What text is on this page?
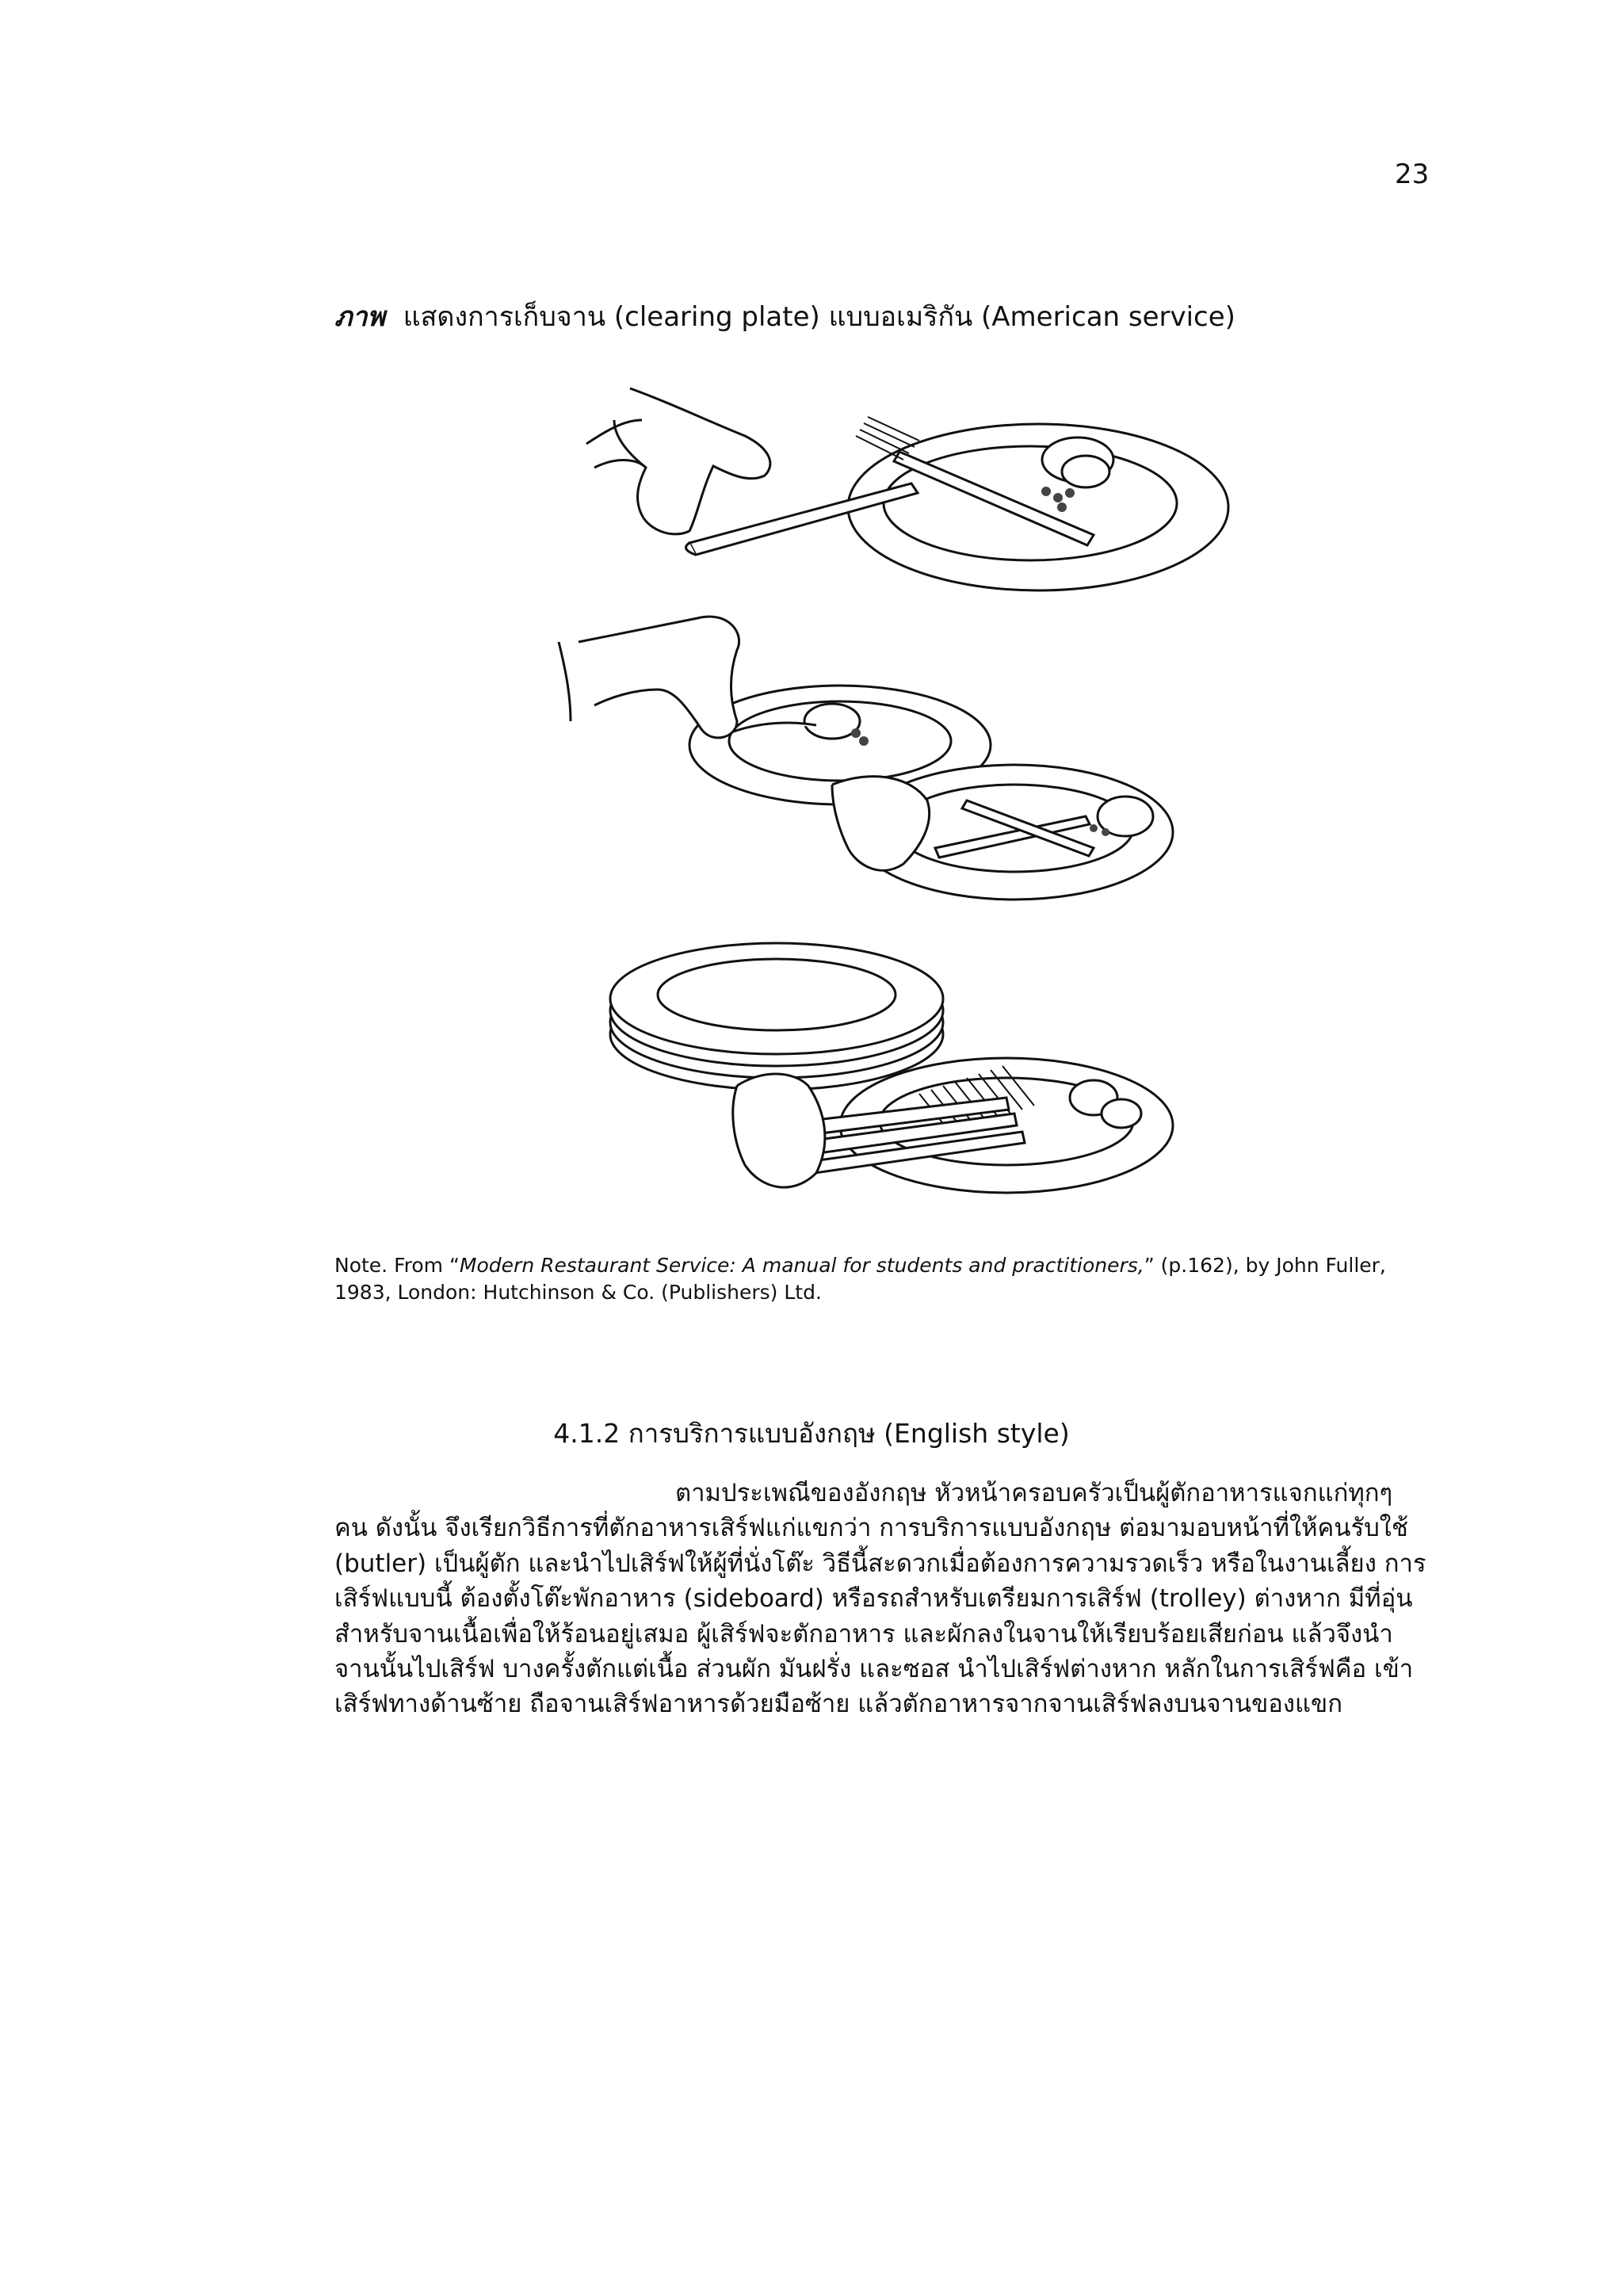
23
ภาพ แสดงการเก็บจาน (clearing plate) แบบอเมริกัน (American service)
Note. From “Modern Restaurant Service: A manual for students and practitioners,” (p.162), by John Fuller, 1983, London: Hutchinson & Co. (Publishers) Ltd.
4.1.2 การบริการแบบอังกฤษ (English style)
ตามประเพณีของอังกฤษ หัวหน้าครอบครัวเป็นผู้ตักอาหารแจกแก่ทุกๆ คน ดังนั้น จึงเรียกวิธีการที่ตักอาหารเสิร์ฟแก่แขกว่า การบริการแบบอังกฤษ ต่อมามอบหน้าที่ให้คนรับใช้ (butler) เป็นผู้ตัก และนำไปเสิร์ฟให้ผู้ที่นั่งโต๊ะ วิธีนี้สะดวกเมื่อต้องการความรวดเร็ว หรือในงานเลี้ยง การเสิร์ฟแบบนี้ ต้องตั้งโต๊ะพักอาหาร (sideboard) หรือรถสำหรับเตรียมการเสิร์ฟ (trolley) ต่างหาก มีที่อุ่นสำหรับจานเนื้อเพื่อให้ร้อนอยู่เสมอ ผู้เสิร์ฟจะตักอาหาร และผักลงในจานให้เรียบร้อยเสียก่อน แล้วจึงนำจานนั้นไปเสิร์ฟ บางครั้งตักแต่เนื้อ ส่วนผัก มันฝรั่ง และซอส นำไปเสิร์ฟต่างหาก หลักในการเสิร์ฟคือ เข้าเสิร์ฟทางด้านซ้าย ถือจานเสิร์ฟอาหารด้วยมือซ้าย แล้วตักอาหารจากจานเสิร์ฟลงบนจานของแขก
